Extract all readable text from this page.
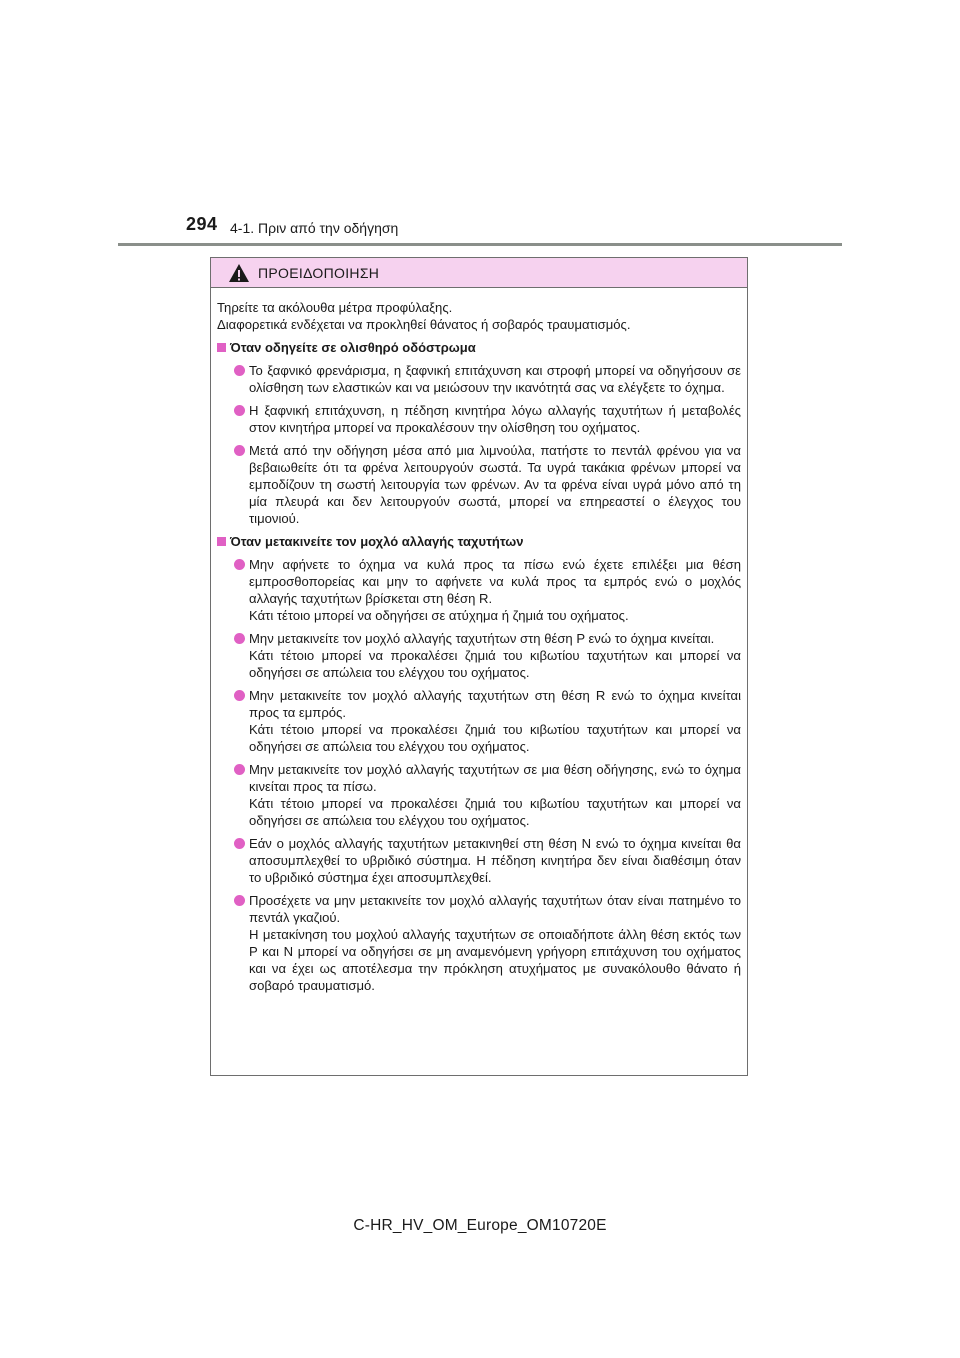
294 4-1. Πριν από την οδήγηση
ΠΡΟΕΙΔΟΠΟΙΗΣΗ

Τηρείτε τα ακόλουθα μέτρα προφύλαξης.

Διαφορετικά ενδέχεται να προκληθεί θάνατος ή σοβαρός τραυματισμός.

Όταν οδηγείτε σε ολισθηρό οδόστρωμα

Το ξαφνικό φρενάρισμα, η ξαφνική επιτάχυνση και στροφή μπορεί να οδηγήσουν σε ολίσθηση των ελαστικών και να μειώσουν την ικανότητά σας να ελέγξετε το όχημα.

Η ξαφνική επιτάχυνση, η πέδηση κινητήρα λόγω αλλαγής ταχυτήτων ή μεταβολές στον κινητήρα μπορεί να προκαλέσουν την ολίσθηση του οχήματος.

Μετά από την οδήγηση μέσα από μια λιμνούλα, πατήστε το πεντάλ φρένου για να βεβαιωθείτε ότι τα φρένα λειτουργούν σωστά. Τα υγρά τακάκια φρένων μπορεί να εμποδίζουν τη σωστή λειτουργία των φρένων. Αν τα φρένα είναι υγρά μόνο από τη μία πλευρά και δεν λειτουργούν σωστά, μπορεί να επηρεαστεί ο έλεγχος του τιμονιού.

Όταν μετακινείτε τον μοχλό αλλαγής ταχυτήτων

Μην αφήνετε το όχημα να κυλά προς τα πίσω ενώ έχετε επιλέξει μια θέση εμπροσθοπορείας και μην το αφήνετε να κυλά προς τα εμπρός ενώ ο μοχλός αλλαγής ταχυτήτων βρίσκεται στη θέση R.

Κάτι τέτοιο μπορεί να οδηγήσει σε ατύχημα ή ζημιά του οχήματος.

Μην μετακινείτε τον μοχλό αλλαγής ταχυτήτων στη θέση P ενώ το όχημα κινείται.

Κάτι τέτοιο μπορεί να προκαλέσει ζημιά του κιβωτίου ταχυτήτων και μπορεί να οδηγήσει σε απώλεια του ελέγχου του οχήματος.

Μην μετακινείτε τον μοχλό αλλαγής ταχυτήτων στη θέση R ενώ το όχημα κινείται προς τα εμπρός.

Κάτι τέτοιο μπορεί να προκαλέσει ζημιά του κιβωτίου ταχυτήτων και μπορεί να οδηγήσει σε απώλεια του ελέγχου του οχήματος.

Μην μετακινείτε τον μοχλό αλλαγής ταχυτήτων σε μια θέση οδήγησης, ενώ το όχημα κινείται προς τα πίσω.

Κάτι τέτοιο μπορεί να προκαλέσει ζημιά του κιβωτίου ταχυτήτων και μπορεί να οδηγήσει σε απώλεια του ελέγχου του οχήματος.

Εάν ο μοχλός αλλαγής ταχυτήτων μετακινηθεί στη θέση N ενώ το όχημα κινείται θα αποσυμπλεχθεί το υβριδικό σύστημα. Η πέδηση κινητήρα δεν είναι διαθέσιμη όταν το υβριδικό σύστημα έχει αποσυμπλεχθεί.

Προσέχετε να μην μετακινείτε τον μοχλό αλλαγής ταχυτήτων όταν είναι πατημένο το πεντάλ γκαζιού.

Η μετακίνηση του μοχλού αλλαγής ταχυτήτων σε οποιαδήποτε άλλη θέση εκτός των P και N μπορεί να οδηγήσει σε μη αναμενόμενη γρήγορη επιτάχυνση του οχήματος και να έχει ως αποτέλεσμα την πρόκληση ατυχήματος με συνακόλουθο θάνατο ή σοβαρό τραυματισμό.

C-HR_HV_OM_Europe_OM10720E
